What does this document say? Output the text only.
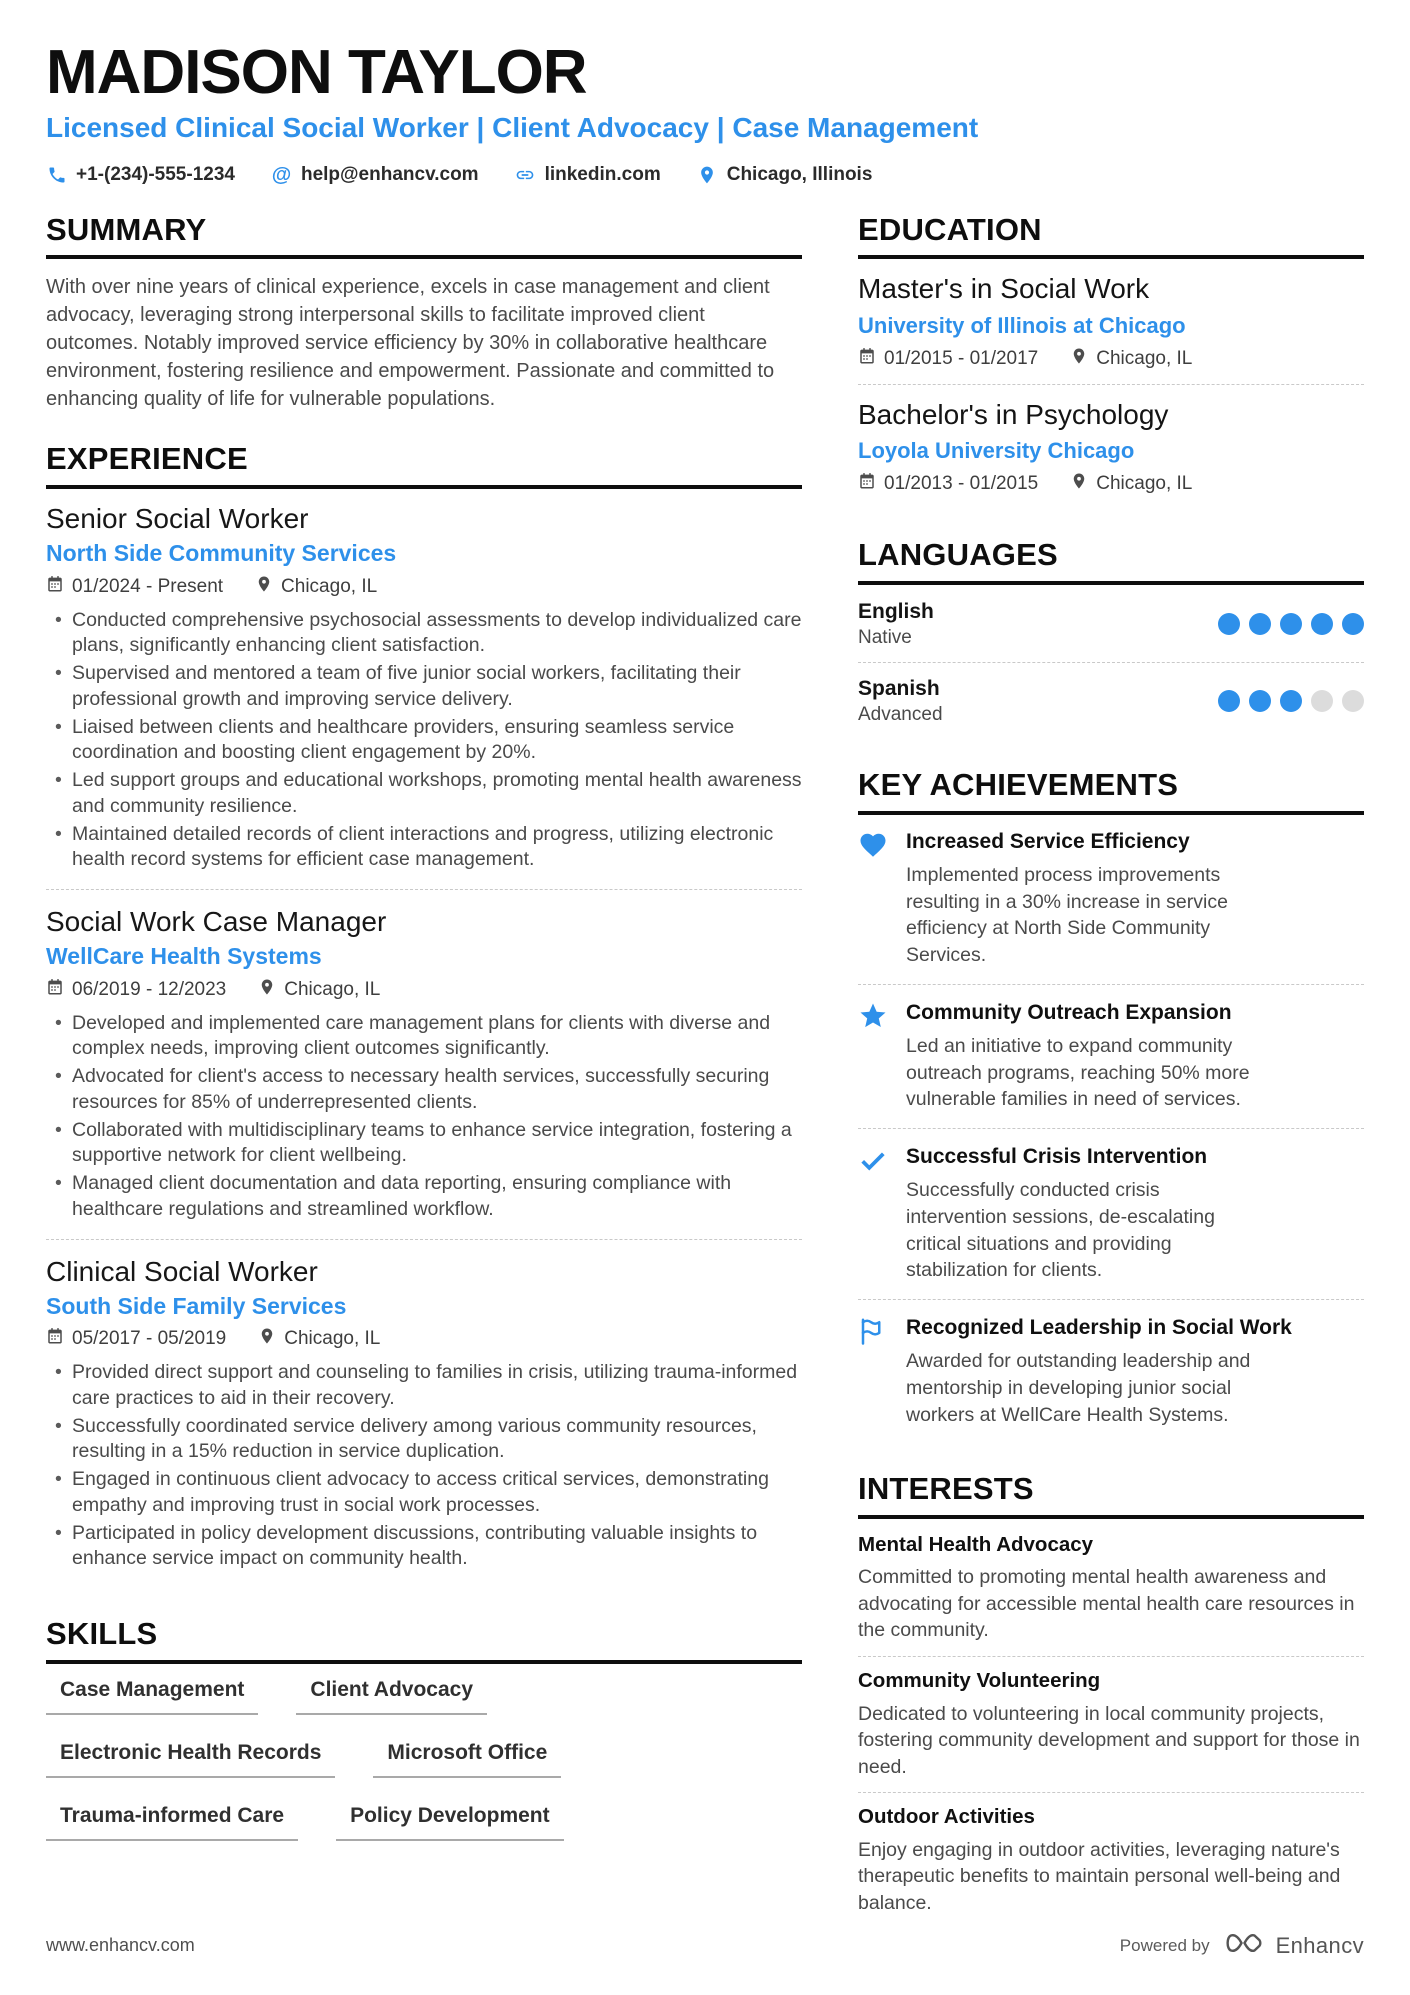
MADISON TAYLOR
Licensed Clinical Social Worker | Client Advocacy | Case Management
+1-(234)-555-1234 @ help@enhancv.com	linkedin.com	Chicago, Illinois
SUMMARY

With over nine years of clinical experience, excels in case management and client advocacy, leveraging strong interpersonal skills to facilitate improved client outcomes. Notably improved service efficiency by 30% in collaborative healthcare environment, fostering resilience and empowerment. Passionate and committed to enhancing quality of life for vulnerable populations.

EXPERIENCE
Senior Social Worker
North Side Community Services
01/2024 - Present	Chicago, IL
• Conducted comprehensive psychosocial assessments to develop individualized care plans, significantly enhancing client satisfaction.
• Supervised and mentored a team of five junior social workers, facilitating their professional growth and improving service delivery.
• Liaised between clients and healthcare providers, ensuring seamless service coordination and boosting client engagement by 20%.
• Led support groups and educational workshops, promoting mental health awareness and community resilience.
• Maintained detailed records of client interactions and progress, utilizing electronic health record systems for efficient case management.
Social Work Case Manager
WellCare Health Systems
06/2019 - 12/2023	Chicago, IL
• Developed and implemented care management plans for clients with diverse and complex needs, improving client outcomes significantly.
• Advocated for client's access to necessary health services, successfully securing resources for 85% of underrepresented clients.
• Collaborated with multidisciplinary teams to enhance service integration, fostering a supportive network for client wellbeing.
• Managed client documentation and data reporting, ensuring compliance with healthcare regulations and streamlined workflow.
Clinical Social Worker
South Side Family Services
05/2017 - 05/2019	Chicago, IL
• Provided direct support and counseling to families in crisis, utilizing trauma-informed care practices to aid in their recovery.
• Successfully coordinated service delivery among various community resources, resulting in a 15% reduction in service duplication.
• Engaged in continuous client advocacy to access critical services, demonstrating empathy and improving trust in social work processes.
• Participated in policy development discussions, contributing valuable insights to enhance service impact on community health.
SKILLS
Case Management	Client Advocacy
Electronic Health Records	Microsoft Office
Trauma-informed Care	Policy Development
EDUCATION
Master's in Social Work
University of Illinois at Chicago
01/2015 - 01/2017	Chicago, IL
Bachelor's in Psychology
Loyola University Chicago
01/2013 - 01/2015	Chicago, IL
LANGUAGES
English
Native
Spanish
Advanced
KEY ACHIEVEMENTS
Increased Service Efficiency
Implemented process improvements resulting in a 30% increase in service efficiency at North Side Community Services.
Community Outreach Expansion
Led an initiative to expand community outreach programs, reaching 50% more vulnerable families in need of services.
Successful Crisis Intervention
Successfully conducted crisis intervention sessions, de-escalating critical situations and providing stabilization for clients.
Recognized Leadership in Social Work
Awarded for outstanding leadership and mentorship in developing junior social workers at WellCare Health Systems.
INTERESTS
Mental Health Advocacy
Committed to promoting mental health awareness and advocating for accessible mental health care resources in the community.
Community Volunteering
Dedicated to volunteering in local community projects, fostering community development and support for those in need.
Outdoor Activities
Enjoy engaging in outdoor activities, leveraging nature's therapeutic benefits to maintain personal well-being and balance.
www.enhancv.com	Powered by	Enhancv
